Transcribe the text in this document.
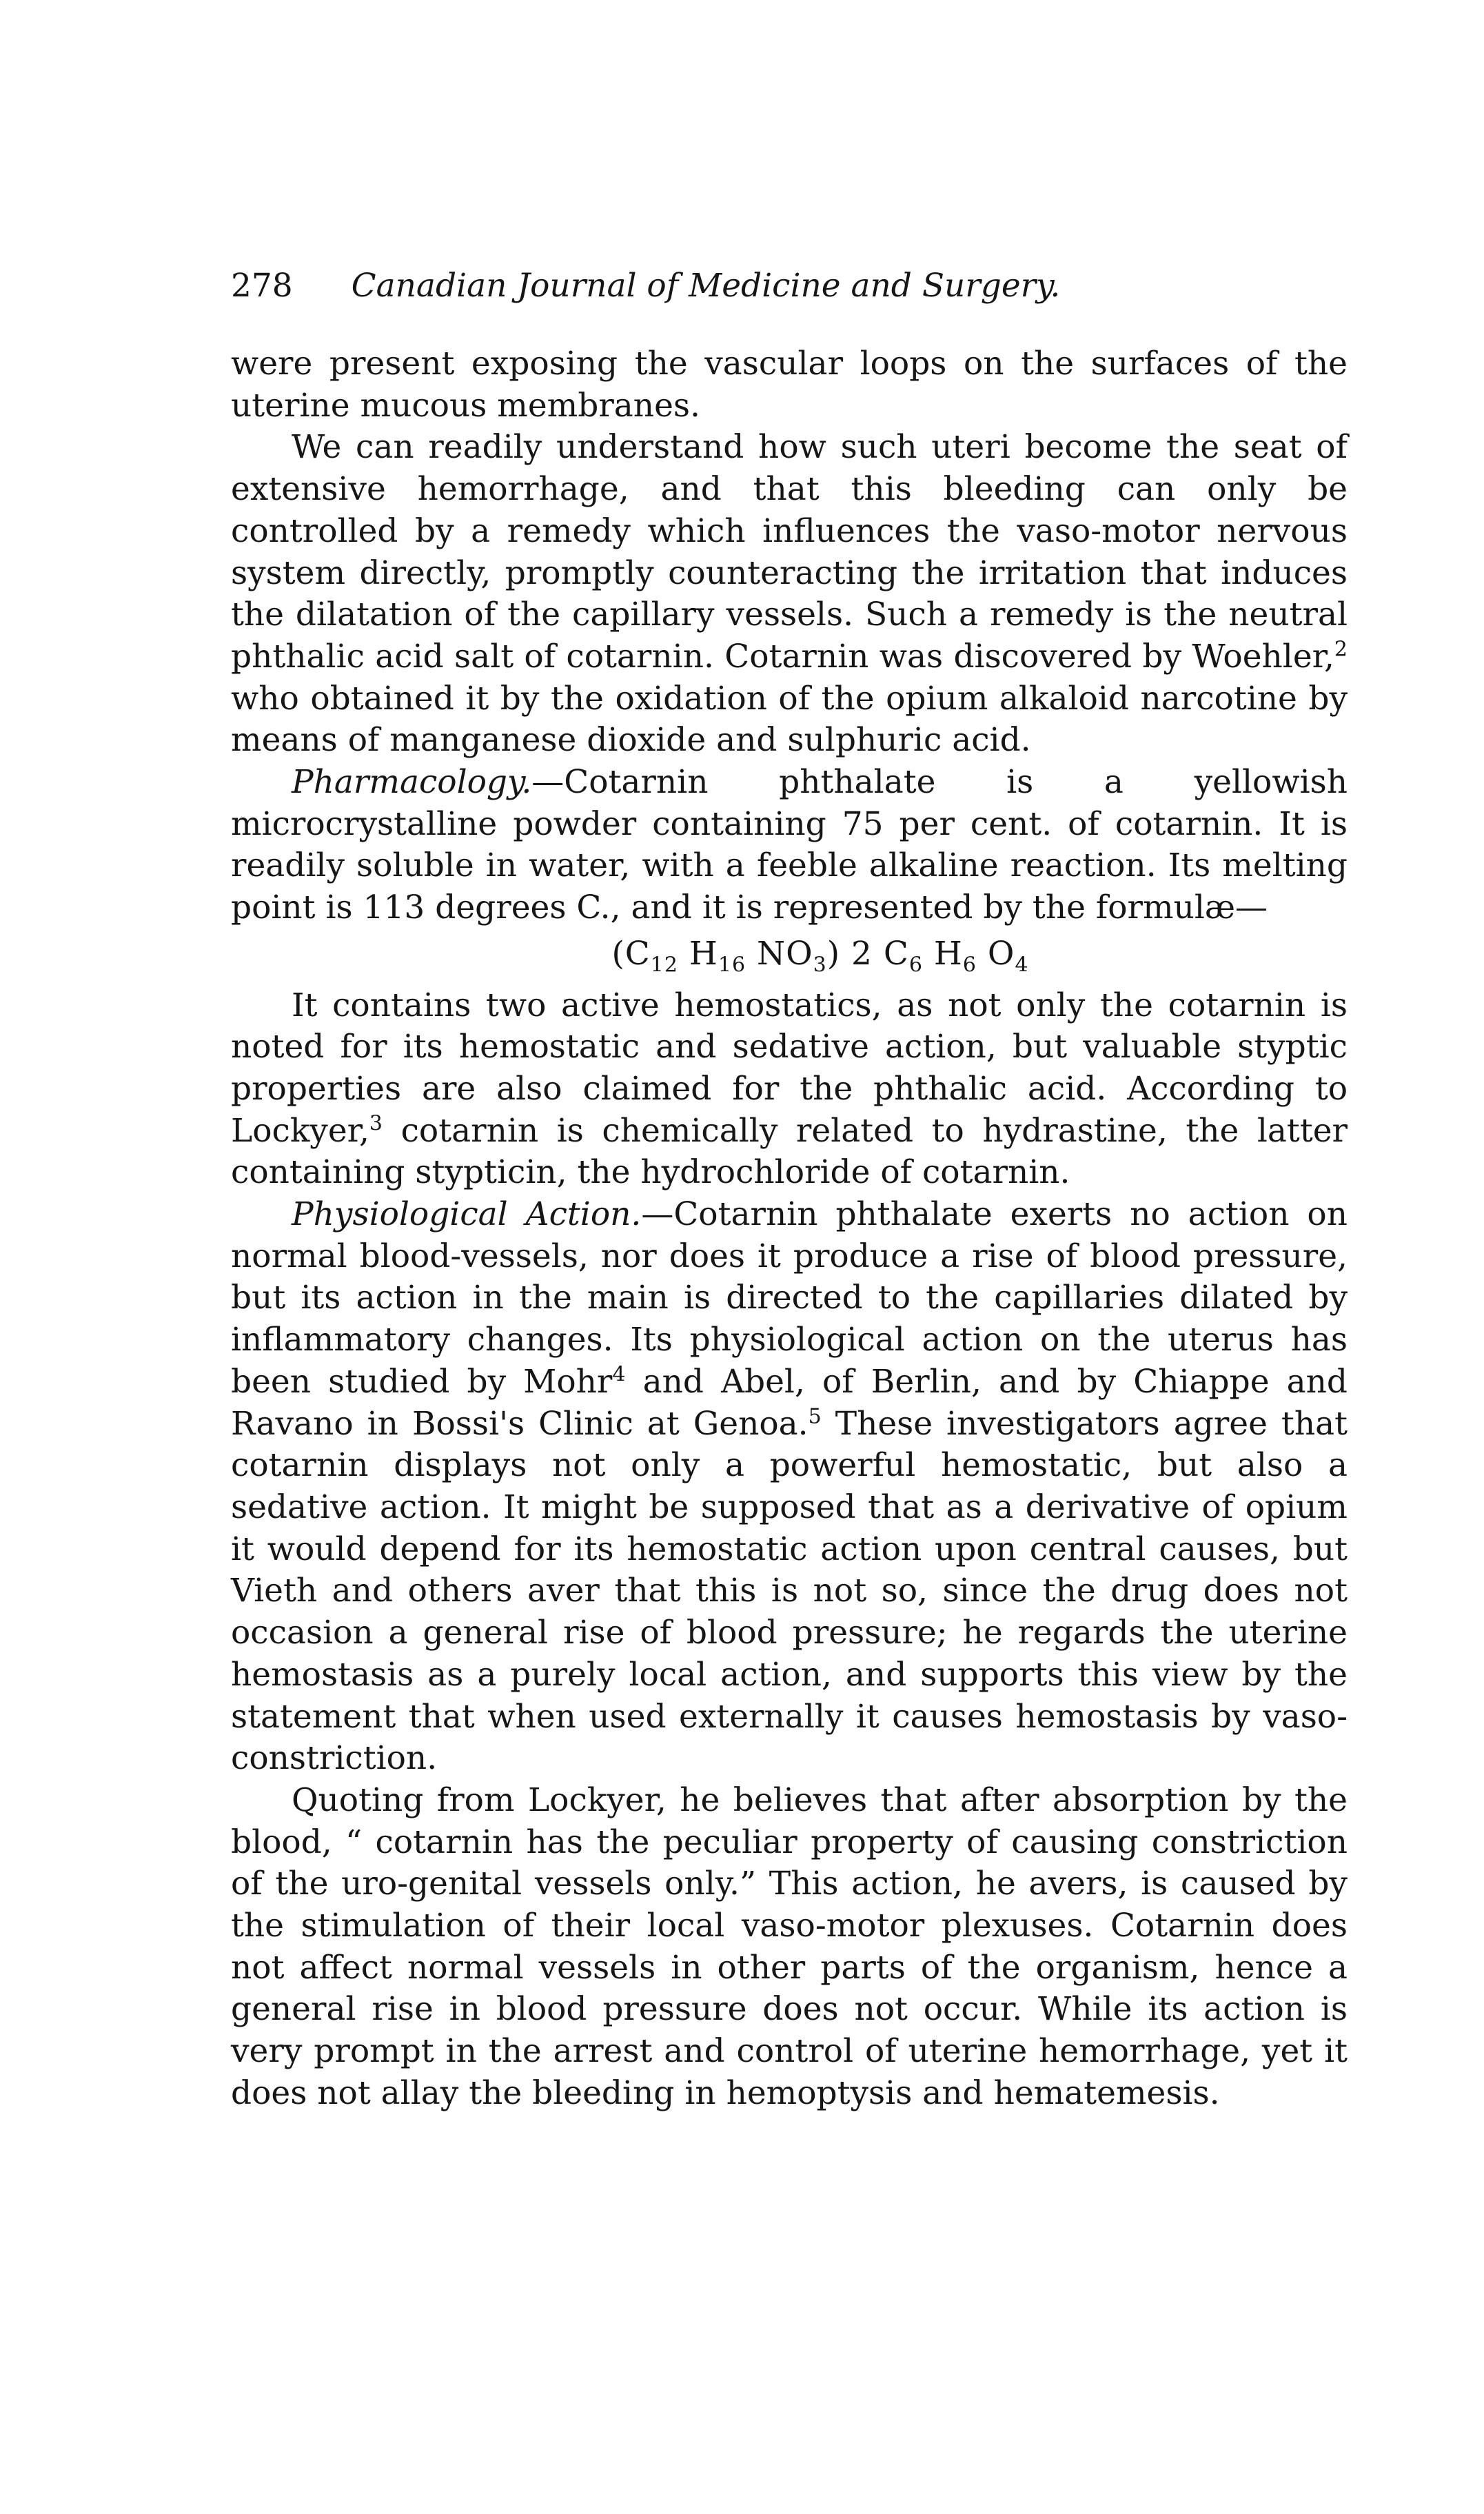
278 Canadian Journal of Medicine and Surgery.

were present exposing the vascular loops on the surfaces of the uterine mucous membranes.

We can readily understand how such uteri become the seat of extensive hemorrhage, and that this bleeding can only be controlled by a remedy which influences the vaso-motor nervous system directly, promptly counteracting the irritation that induces the dilatation of the capillary vessels. Such a remedy is the neutral phthalic acid salt of cotarnin. Cotarnin was discovered by Woehler,$^2$ who obtained it by the oxidation of the opium alkaloid narcotine by means of manganese dioxide and sulphuric acid.

Pharmacology.—Cotarnin phthalate is a yellowish microcrystalline powder containing 75 per cent. of cotarnin. It is readily soluble in water, with a feeble alkaline reaction. Its melting point is 113 degrees C., and it is represented by the formulæ—

($C_{12}$ $H_{16}$ $NO_3$) 2 $C_6$ $H_6$ $O_4$

It contains two active hemostatics, as not only the cotarnin is noted for its hemostatic and sedative action, but valuable styptic properties are also claimed for the phthalic acid. According to Lockyer,$^3$ cotarnin is chemically related to hydrastine, the latter containing stypticin, the hydrochloride of cotarnin.

Physiological Action.—Cotarnin phthalate exerts no action on normal blood-vessels, nor does it produce a rise of blood pressure, but its action in the main is directed to the capillaries dilated by inflammatory changes. Its physiological action on the uterus has been studied by Mohr$^4$ and Abel, of Berlin, and by Chiappe and Ravano in Bossi's Clinic at Genoa.$^5$ These investigators agree that cotarnin displays not only a powerful hemostatic, but also a sedative action. It might be supposed that as a derivative of opium it would depend for its hemostatic action upon central causes, but Vieth and others aver that this is not so, since the drug does not occasion a general rise of blood pressure; he regards the uterine hemostasis as a purely local action, and supports this view by the statement that when used externally it causes hemostasis by vaso-constriction.

Quoting from Lockyer, he believes that after absorption by the blood, “ cotarnin has the peculiar property of causing constriction of the uro-genital vessels only.” This action, he avers, is caused by the stimulation of their local vaso-motor plexuses. Cotarnin does not affect normal vessels in other parts of the organism, hence a general rise in blood pressure does not occur. While its action is very prompt in the arrest and control of uterine hemorrhage, yet it does not allay the bleeding in hemoptysis and hematemesis.
